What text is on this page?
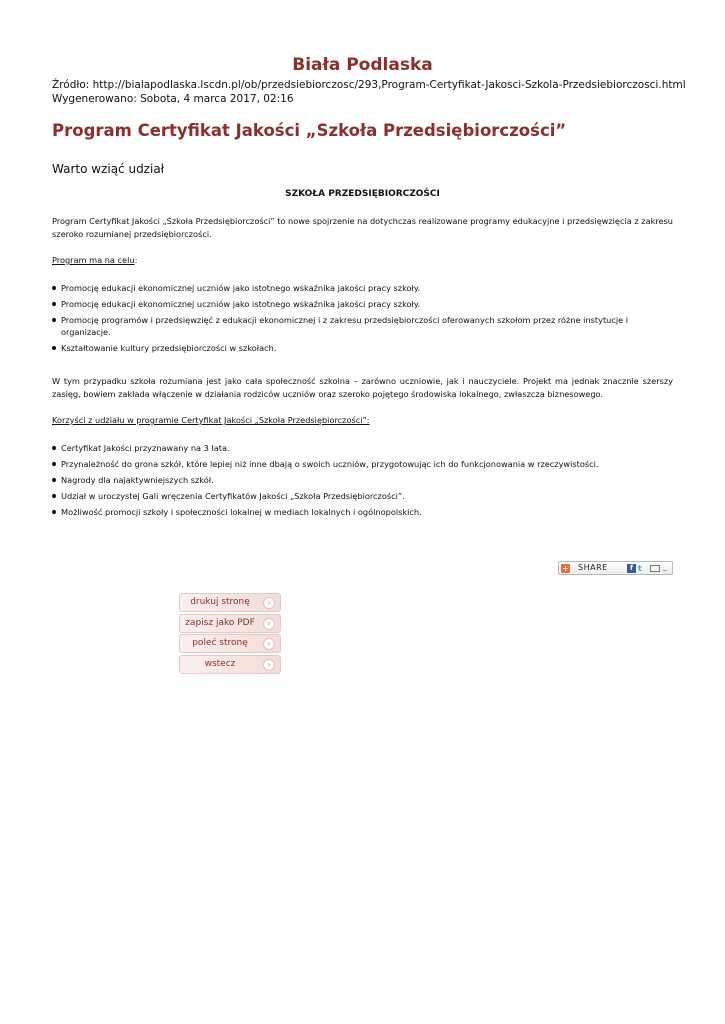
Biała Podlaska
Źródło: http://bialapodlaska.lscdn.pl/ob/przedsiebiorczosc/293,Program-Certyfikat-Jakosci-Szkola-Przedsiebiorczosci.html
Wygenerowano: Sobota, 4 marca 2017, 02:16
Program Certyfikat Jakości „Szkoła Przedsiębiorczości”
Warto wziąć udział
SZKOŁA PRZEDSIĘBIORCZOŚCI

Program Certyfikat Jakości „Szkoła Przedsiębiorczości” to nowe spojrzenie na dotychczas realizowane programy edukacyjne i przedsięwzięcia z zakresu szeroko rozumianej przedsiębiorczości.

Program ma na celu:

Promocję edukacji ekonomicznej uczniów jako istotnego wskaźnika jakości pracy szkoły.
Promocję edukacji ekonomicznej uczniów jako istotnego wskaźnika jakości pracy szkoły.
Promocję programów i przedsięwzięć z edukacji ekonomicznej i z zakresu przedsiębiorczości oferowanych szkołom przez różne instytucje i organizacje.
Kształtowanie kultury przedsiębiorczości w szkołach.

W tym przypadku szkoła rozumiana jest jako cała społeczność szkolna – zarówno uczniowie, jak i nauczyciele. Projekt ma jednak znacznie szerszy zasięg, bowiem zakłada włączenie w działania rodziców uczniów oraz szeroko pojętego środowiska lokalnego, zwłaszcza biznesowego.

Korzyści z udziału w programie Certyfikat Jakości „Szkoła Przedsiębiorczości”:

Certyfikat Jakości przyznawany na 3 lata.
Przynależność do grona szkół, które lepiej niż inne dbają o swoich uczniów, przygotowując ich do funkcjonowania w rzeczywistości.
Nagrody dla najaktywniejszych szkół.
Udział w uroczystej Gali wręczenia Certyfikatów Jakości „Szkoła Przedsiębiorczości”.
Możliwość promocji szkoły i społeczności lokalnej w mediach lokalnych i ogólnopolskich.
+ SHARE	f t	_
drukuj stronę	›
zapisz jako PDF	›
poleć stronę	›
wstecz	›
